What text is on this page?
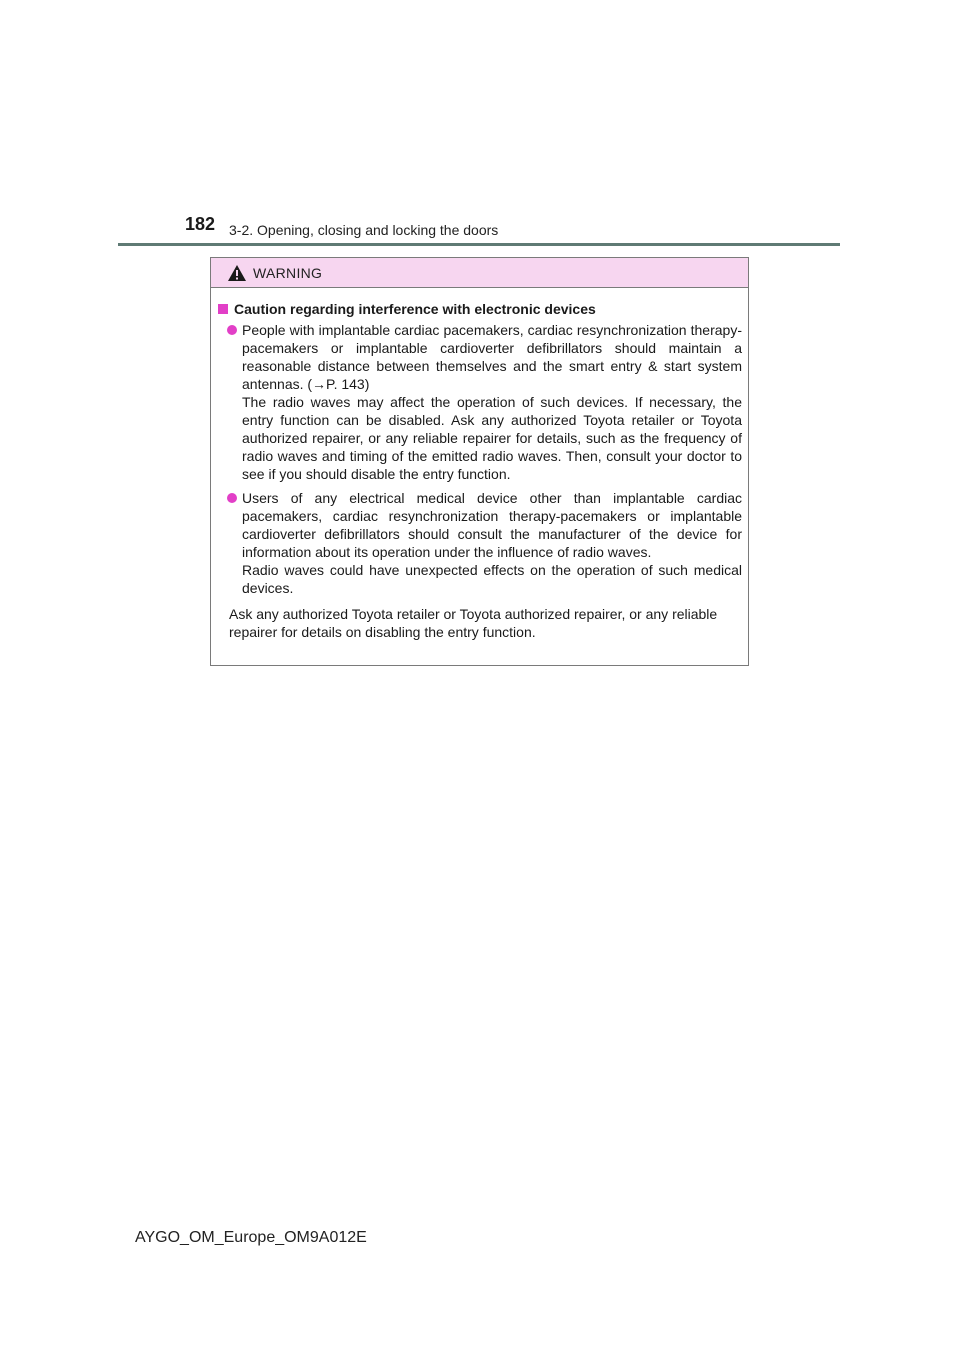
182 3-2. Opening, closing and locking the doors
WARNING
Caution regarding interference with electronic devices

People with implantable cardiac pacemakers, cardiac resynchronization therapy-pacemakers or implantable cardioverter defibrillators should maintain a reasonable distance between themselves and the smart entry & start system antennas. (→P. 143)

The radio waves may affect the operation of such devices. If necessary, the entry function can be disabled. Ask any authorized Toyota retailer or Toyota authorized repairer, or any reliable repairer for details, such as the frequency of radio waves and timing of the emitted radio waves. Then, consult your doctor to see if you should disable the entry function.

Users of any electrical medical device other than implantable cardiac pacemakers, cardiac resynchronization therapy-pacemakers or implantable cardioverter defibrillators should consult the manufacturer of the device for information about its operation under the influence of radio waves.

Radio waves could have unexpected effects on the operation of such medical devices.

Ask any authorized Toyota retailer or Toyota authorized repairer, or any reliable repairer for details on disabling the entry function.

AYGO_OM_Europe_OM9A012E
